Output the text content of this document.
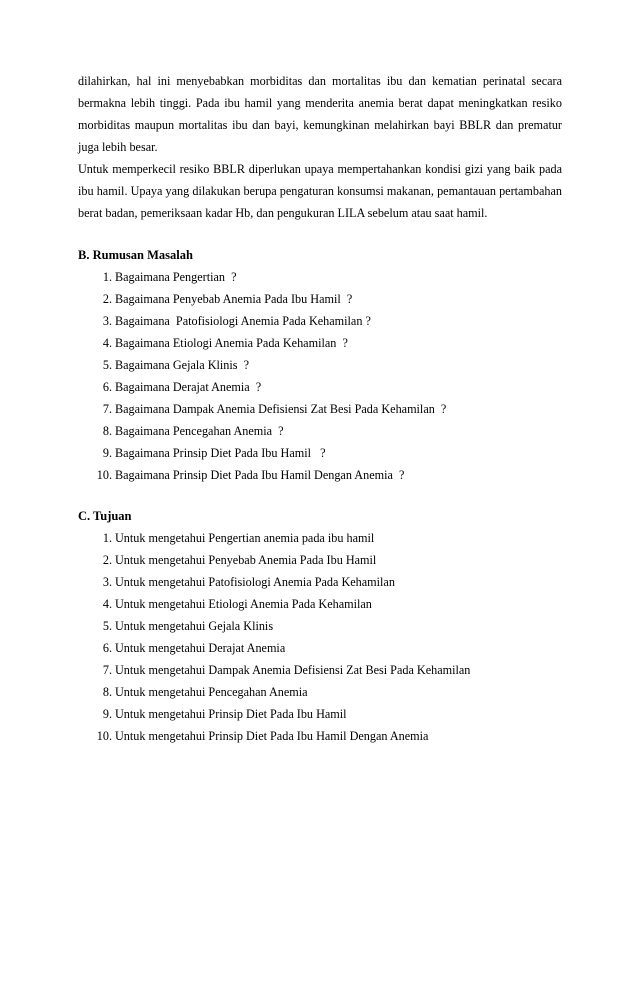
dilahirkan, hal ini menyebabkan morbiditas dan mortalitas ibu dan kematian perinatal secara bermakna lebih tinggi. Pada ibu hamil yang menderita anemia berat dapat meningkatkan resiko morbiditas maupun mortalitas ibu dan bayi, kemungkinan melahirkan bayi BBLR dan prematur juga lebih besar.

Untuk memperkecil resiko BBLR diperlukan upaya mempertahankan kondisi gizi yang baik pada ibu hamil. Upaya yang dilakukan berupa pengaturan konsumsi makanan, pemantauan pertambahan berat badan, pemeriksaan kadar Hb, dan pengukuran LILA sebelum atau saat hamil.

B. Rumusan Masalah

1. Bagaimana Pengertian  ?
2. Bagaimana Penyebab Anemia Pada Ibu Hamil  ?
3. Bagaimana  Patofisiologi Anemia Pada Kehamilan ?
4. Bagaimana Etiologi Anemia Pada Kehamilan  ?
5. Bagaimana Gejala Klinis  ?
6. Bagaimana Derajat Anemia  ?
7. Bagaimana Dampak Anemia Defisiensi Zat Besi Pada Kehamilan  ?
8. Bagaimana Pencegahan Anemia  ?
9. Bagaimana Prinsip Diet Pada Ibu Hamil   ?
10. Bagaimana Prinsip Diet Pada Ibu Hamil Dengan Anemia  ?

C. Tujuan

1. Untuk mengetahui Pengertian anemia pada ibu hamil
2. Untuk mengetahui Penyebab Anemia Pada Ibu Hamil
3. Untuk mengetahui Patofisiologi Anemia Pada Kehamilan
4. Untuk mengetahui Etiologi Anemia Pada Kehamilan
5. Untuk mengetahui Gejala Klinis
6. Untuk mengetahui Derajat Anemia
7. Untuk mengetahui Dampak Anemia Defisiensi Zat Besi Pada Kehamilan
8. Untuk mengetahui Pencegahan Anemia
9. Untuk mengetahui Prinsip Diet Pada Ibu Hamil
10. Untuk mengetahui Prinsip Diet Pada Ibu Hamil Dengan Anemia
